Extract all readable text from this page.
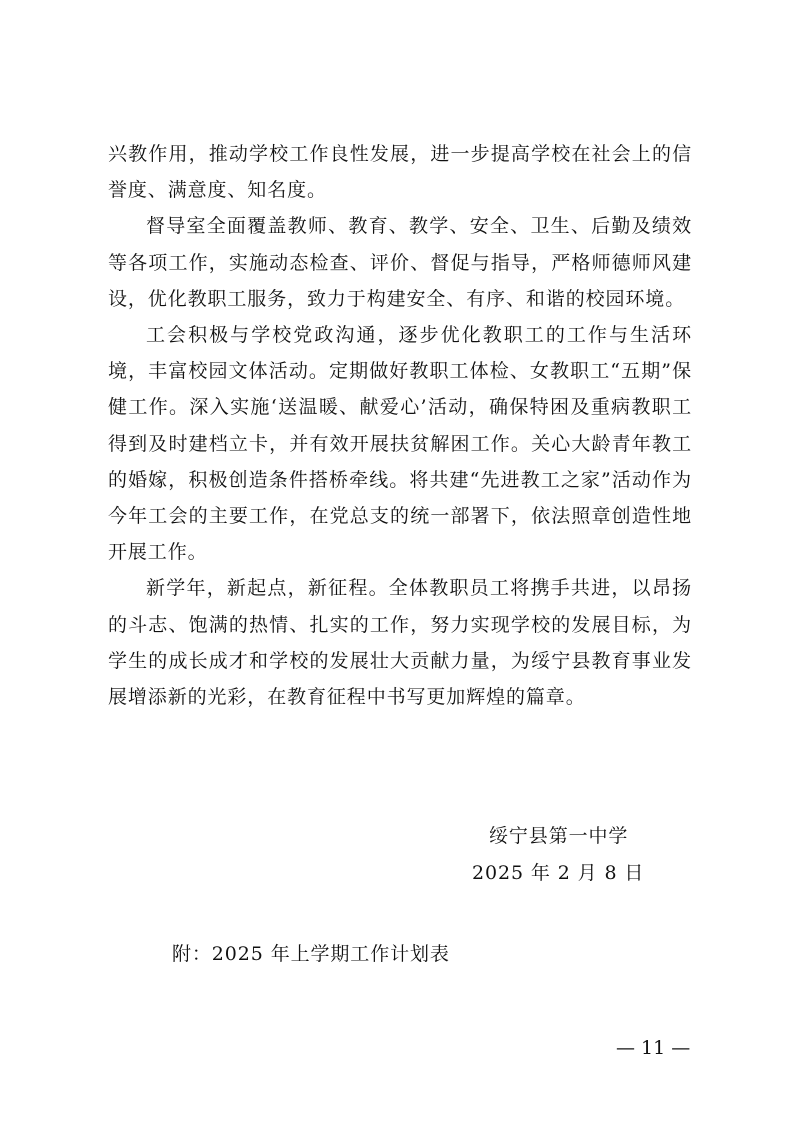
兴教作用，推动学校工作良性发展，进一步提高学校在社会上的信誉度、满意度、知名度。

督导室全面覆盖教师、教育、教学、安全、卫生、后勤及绩效等各项工作，实施动态检查、评价、督促与指导，严格师德师风建设，优化教职工服务，致力于构建安全、有序、和谐的校园环境。

工会积极与学校党政沟通，逐步优化教职工的工作与生活环境，丰富校园文体活动。定期做好教职工体检、女教职工“五期”保健工作。深入实施‘送温暖、献爱心’活动，确保特困及重病教职工得到及时建档立卡，并有效开展扶贫解困工作。关心大龄青年教工的婚嫁，积极创造条件搭桥牵线。将共建“先进教工之家”活动作为今年工会的主要工作，在党总支的统一部署下，依法照章创造性地开展工作。

新学年，新起点，新征程。全体教职员工将携手共进，以昂扬的斗志、饱满的热情、扎实的工作，努力实现学校的发展目标，为学生的成长成才和学校的发展壮大贡献力量，为绥宁县教育事业发展增添新的光彩，在教育征程中书写更加辉煌的篇章。

绥宁县第一中学
2025 年 2 月 8 日
附：2025 年上学期工作计划表
— 11 —
